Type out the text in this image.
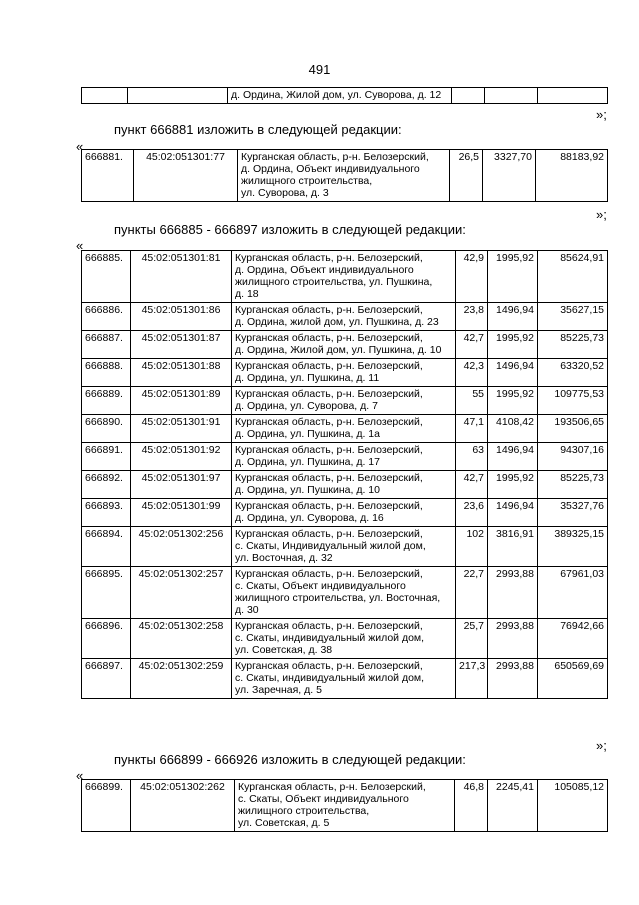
491
		д. Ордина, Жилой дом, ул. Суворова, д. 12			
»;
пункт 666881 изложить в следующей редакции:
«
666881.	45:02:051301:77	Курганская область, р-н. Белозерский,
д. Ордина, Объект индивидуального
жилищного строительства,
ул. Суворова, д. 3
	26,5	3327,70	88183,92
»;
пункты 666885 - 666897 изложить в следующей редакции:
«
666885.	45:02:051301:81	Курганская область, р-н. Белозерский,
д. Ордина, Объект индивидуального
жилищного строительства, ул. Пушкина,
д. 18	42,9	1995,92	85624,91
666886.	45:02:051301:86	Курганская область, р-н. Белозерский,
д. Ордина, жилой дом, ул. Пушкина, д. 23	23,8	1496,94	35627,15
666887.	45:02:051301:87	Курганская область, р-н. Белозерский,
д. Ордина, Жилой дом, ул. Пушкина, д. 10	42,7	1995,92	85225,73
666888.	45:02:051301:88	Курганская область, р-н. Белозерский,
д. Ордина, ул. Пушкина, д. 11	42,3	1496,94	63320,52
666889.	45:02:051301:89	Курганская область, р-н. Белозерский,
д. Ордина, ул. Суворова, д. 7	55	1995,92	109775,53
666890.	45:02:051301:91	Курганская область, р-н. Белозерский,
д. Ордина, ул. Пушкина, д. 1а	47,1	4108,42	193506,65
666891.	45:02:051301:92	Курганская область, р-н. Белозерский,
д. Ордина, ул. Пушкина, д. 17	63	1496,94	94307,16
666892.	45:02:051301:97	Курганская область, р-н. Белозерский,
д. Ордина, ул. Пушкина, д. 10	42,7	1995,92	85225,73
666893.	45:02:051301:99	Курганская область, р-н. Белозерский,
д. Ордина, ул. Суворова, д. 16	23,6	1496,94	35327,76
666894.	45:02:051302:256	Курганская область, р-н. Белозерский,
с. Скаты, Индивидуальный жилой дом,
ул. Восточная, д. 32	102	3816,91	389325,15
666895.	45:02:051302:257	Курганская область, р-н. Белозерский,
с. Скаты, Объект индивидуального
жилищного строительства, ул. Восточная,
д. 30	22,7	2993,88	67961,03
666896.	45:02:051302:258	Курганская область, р-н. Белозерский,
с. Скаты, индивидуальный жилой дом,
ул. Советская, д. 38	25,7	2993,88	76942,66
666897.	45:02:051302:259	Курганская область, р-н. Белозерский,
с. Скаты, индивидуальный жилой дом,
ул. Заречная, д. 5	217,3	2993,88	650569,69
»;
пункты 666899 - 666926 изложить в следующей редакции:
«
666899.	45:02:051302:262	Курганская область, р-н. Белозерский,
с. Скаты, Объект индивидуального
жилищного строительства,
ул. Советская, д. 5
	46,8	2245,41	105085,12
